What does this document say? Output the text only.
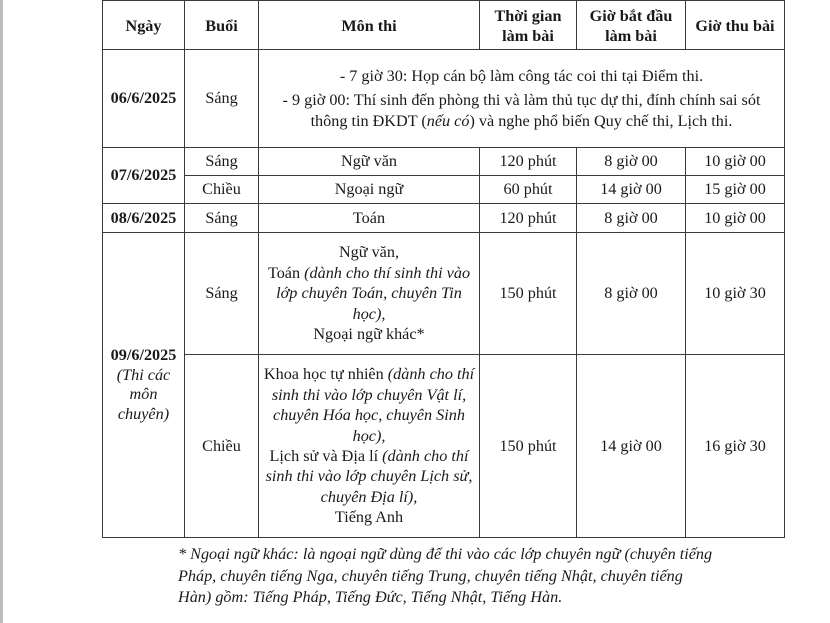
Ngày	Buổi	Môn thi	Thời gian làm bài	Giờ bắt đầu làm bài	Giờ thu bài
06/6/2025	Sáng	- 7 giờ 30: Họp cán bộ làm công tác coi thi tại Điểm thi.

- 9 giờ 00: Thí sinh đến phòng thi và làm thủ tục dự thi, đính chính sai sót thông tin ĐKDT (nếu có) và nghe phổ biến Quy chế thi, Lịch thi.			

07/6/2025	Sáng	Ngữ văn	120 phút	8 giờ 00	10 giờ 00
	Chiều	Ngoại ngữ	60 phút	14 giờ 00	15 giờ 00
08/6/2025	Sáng	Toán	120 phút	8 giờ 00	10 giờ 00
09/6/2025
(Thi các môn chuyên)	Sáng	Ngữ văn,
Toán (dành cho thí sinh thi vào lớp chuyên Toán, chuyên Tin học),
Ngoại ngữ khác*	150 phút	8 giờ 00	10 giờ 30
	Chiều	Khoa học tự nhiên (dành cho thí sinh thi vào lớp chuyên Vật lí, chuyên Hóa học, chuyên Sinh học),
Lịch sử và Địa lí (dành cho thí sinh thi vào lớp chuyên Lịch sử, chuyên Địa lí),
Tiếng Anh	150 phút	14 giờ 00	16 giờ 30
* Ngoại ngữ khác: là ngoại ngữ dùng để thi vào các lớp chuyên ngữ (chuyên tiếng Pháp, chuyên tiếng Nga, chuyên tiếng Trung, chuyên tiếng Nhật, chuyên tiếng Hàn) gồm: Tiếng Pháp, Tiếng Đức, Tiếng Nhật, Tiếng Hàn.
